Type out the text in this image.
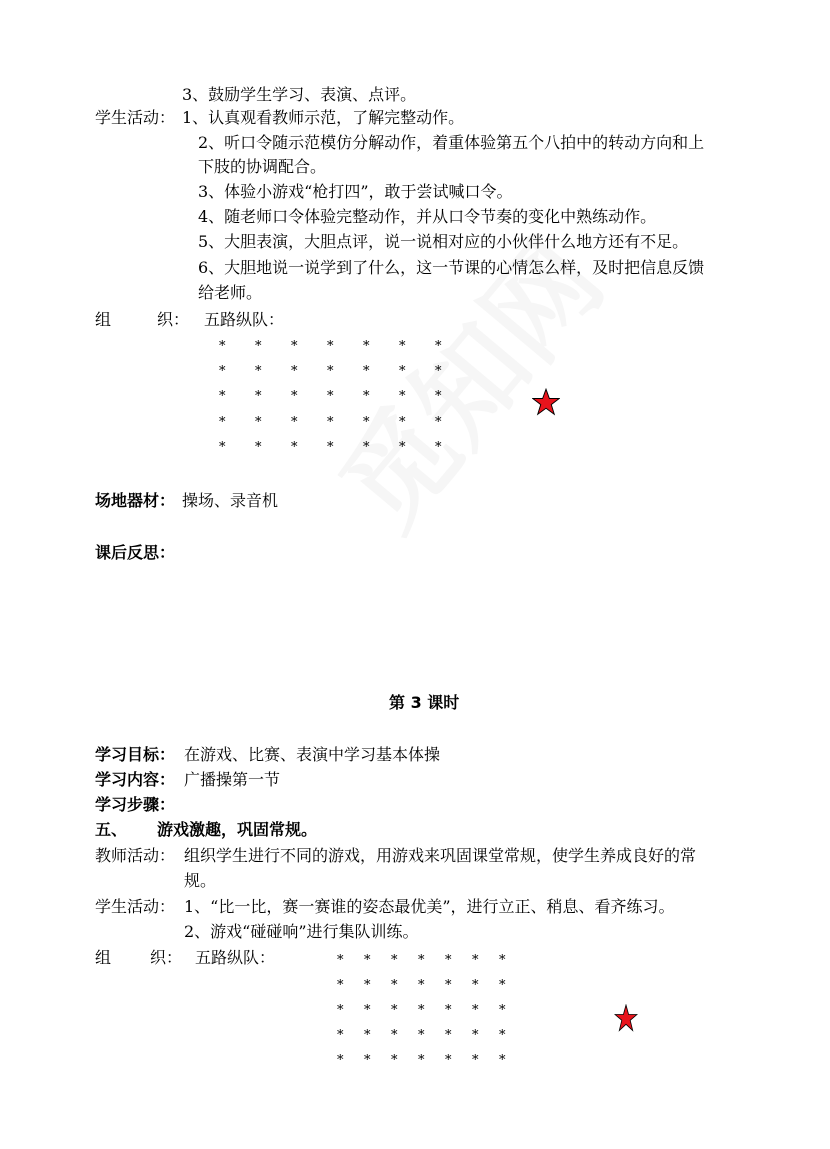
3、鼓励学生学习、表演、点评。
学生活动： 1、认真观看教师示范，了解完整动作。
2、听口令随示范模仿分解动作，着重体验第五个八拍中的转动方向和上
下肢的协调配合。
3、体验小游戏“枪打四”，敢于尝试喊口令。
4、随老师口令体验完整动作，并从口令节奏的变化中熟练动作。
5、大胆表演，大胆点评，说一说相对应的小伙伴什么地方还有不足。
6、大胆地说一说学到了什么，这一节课的心情怎么样，及时把信息反馈
给老师。
组	织： 五路纵队：
* * * * * * *
* * * * * * *
* * * * * * *
* * * * * * *
* * * * * * *
场地器材： 操场、录音机
课后反思：
第 3 课时
学习目标： 在游戏、比赛、表演中学习基本体操
学习内容： 广播操第一节
学习步骤：
五、 游戏激趣，巩固常规。
教师活动： 组织学生进行不同的游戏，用游戏来巩固课堂常规，使学生养成良好的常
规。
学生活动： 1、“比一比，赛一赛谁的姿态最优美”，进行立正、稍息、看齐练习。
2、游戏“碰碰响”进行集队训练。
组 织： 五路纵队：	* * * * * * *
* * * * * * *
* * * * * * *
* * * * * * *
* * * * * * *
